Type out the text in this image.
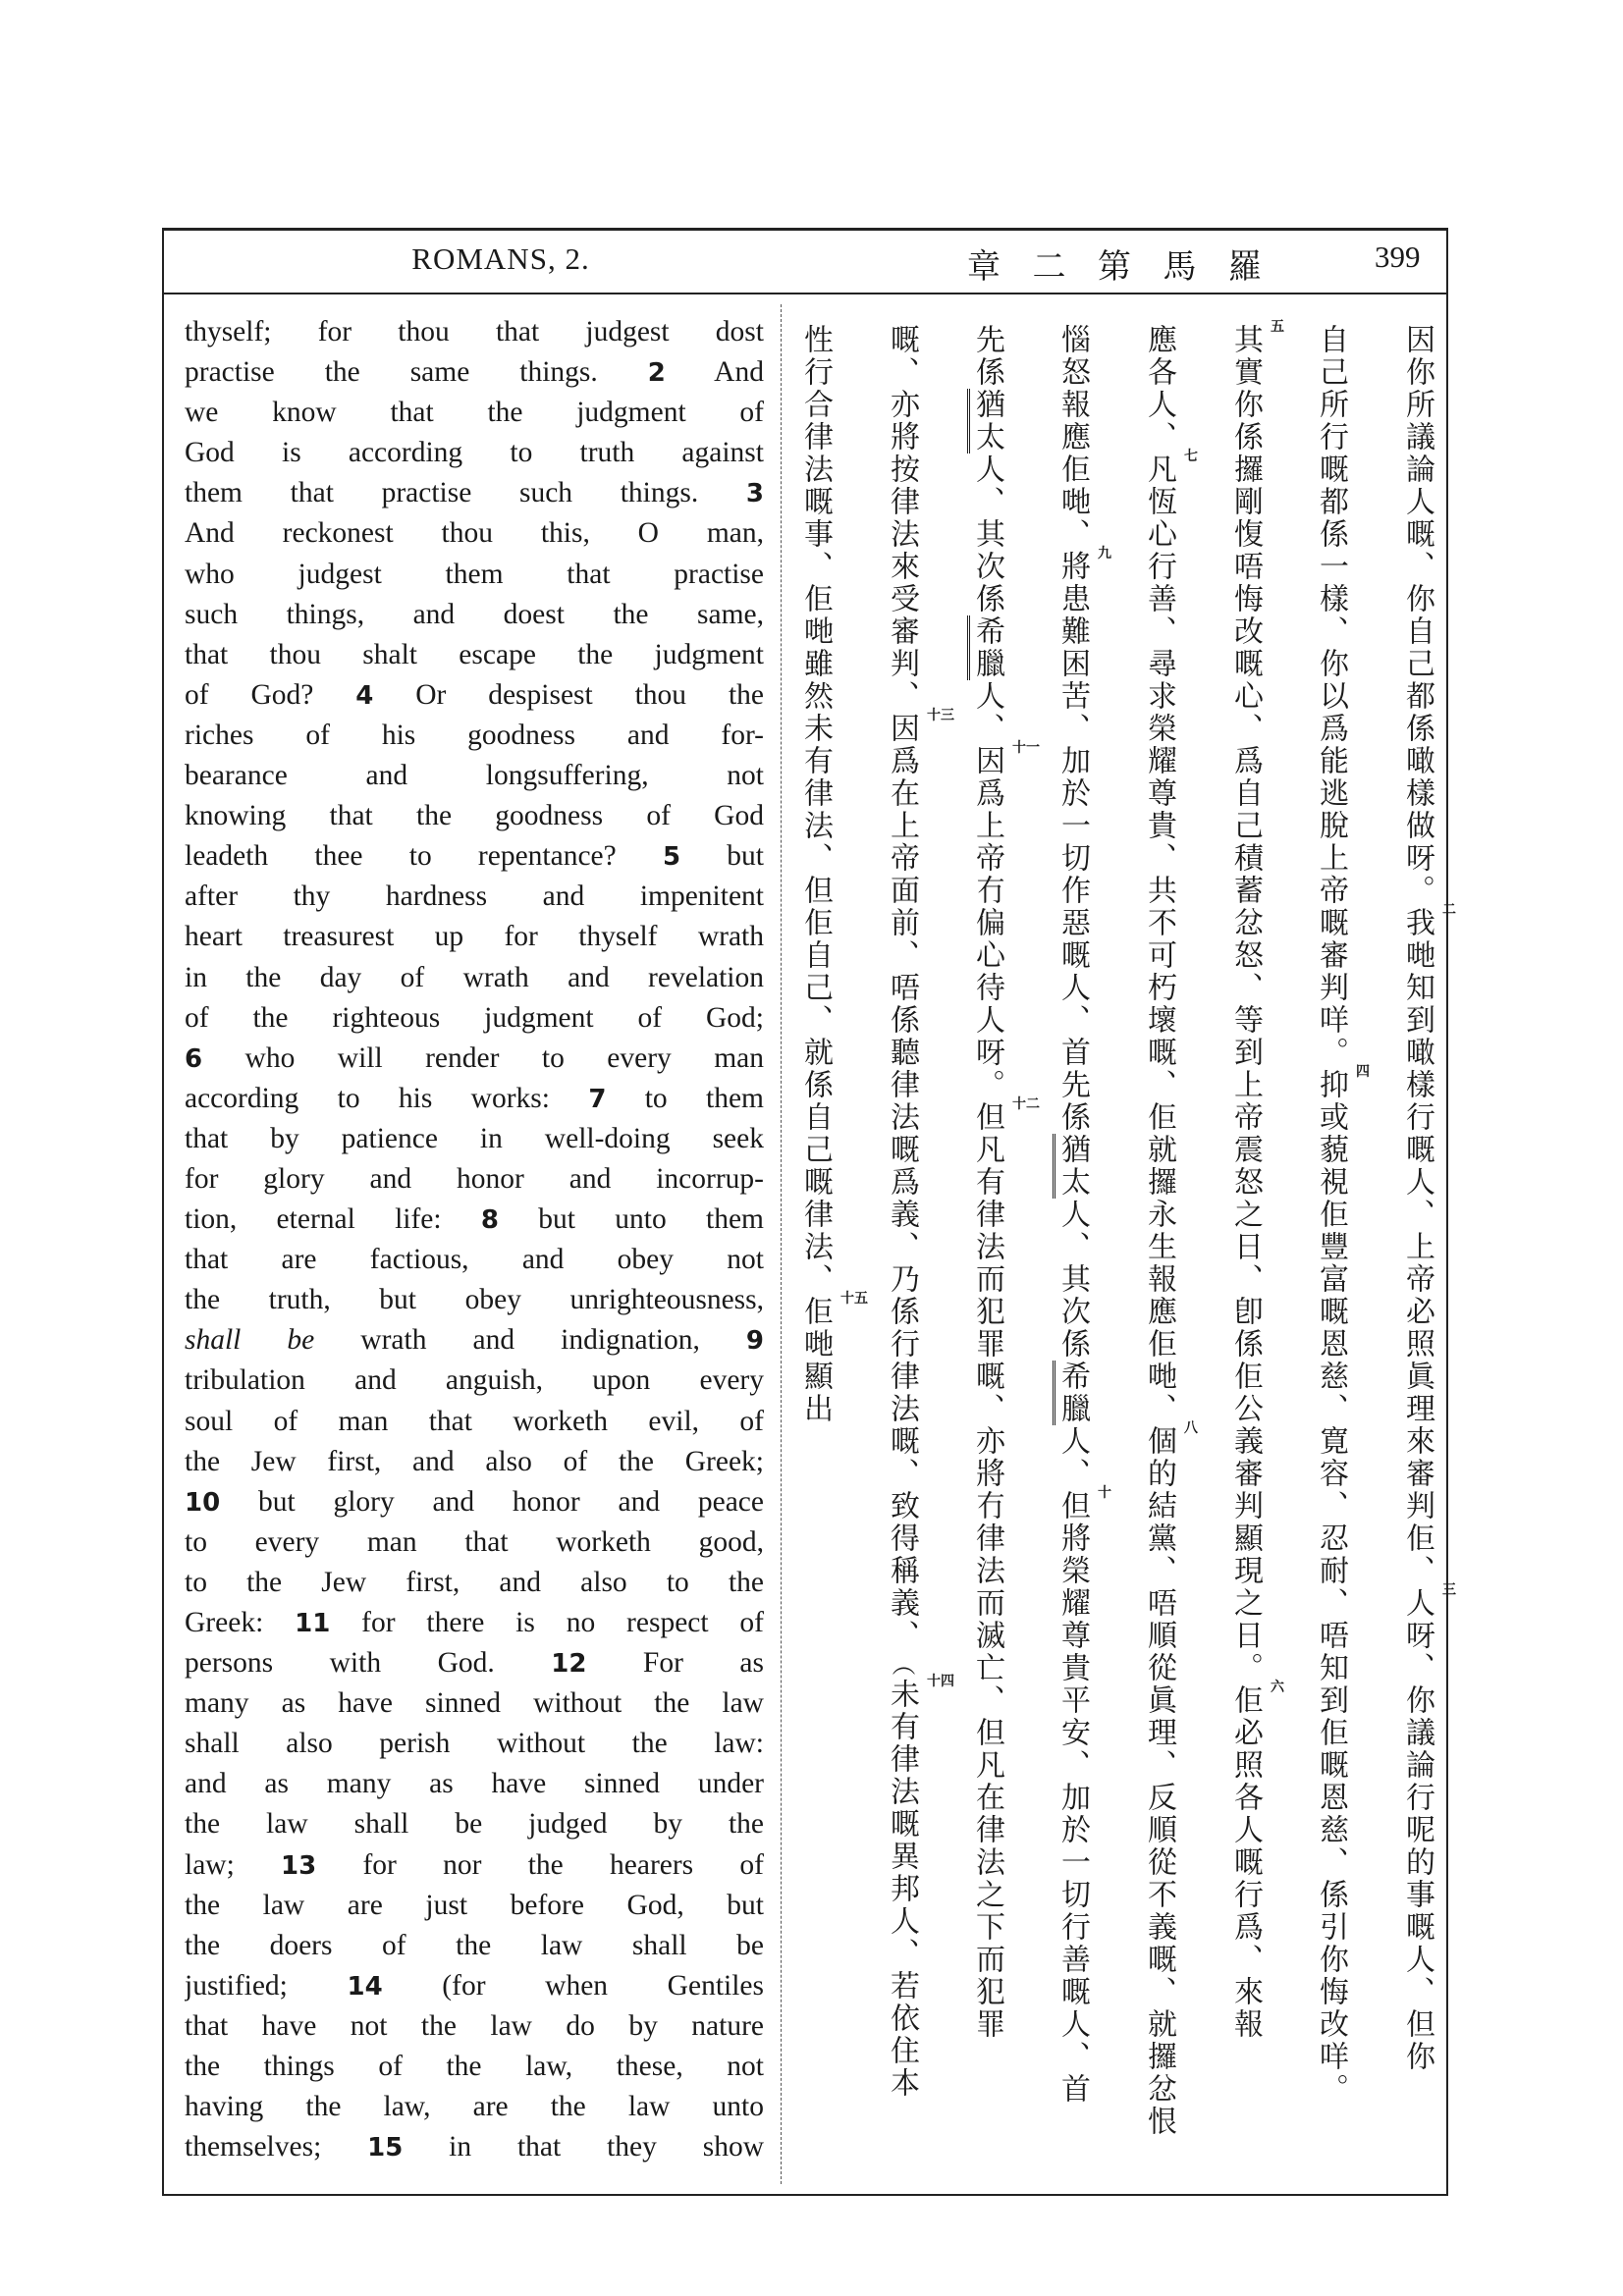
ROMANS, 2.	章 二 第 馬 羅	399
thyself; for thou that judgest dost
practise the same things. 2 And
we know that the judgment of
God is according to truth against
them that practise such things. 3
And reckonest thou this, O man,
who judgest them that practise
such things, and doest the same,
that thou shalt escape the judgment
of God? 4 Or despisest thou the
riches of his goodness and for-
bearance and longsuffering, not
knowing that the goodness of God
leadeth thee to repentance? 5 but
after thy hardness and impenitent
heart treasurest up for thyself wrath
in the day of wrath and revelation
of the righteous judgment of God;
6 who will render to every man
according to his works: 7 to them
that by patience in well-doing seek
for glory and honor and incorrup-
tion, eternal life: 8 but unto them
that are factious, and obey not
the truth, but obey unrighteousness,
shall be wrath and indignation, 9
tribulation and anguish, upon every
soul of man that worketh evil, of
the Jew first, and also of the Greek;
10 but glory and honor and peace
to every man that worketh good,
to the Jew first, and also to the
Greek: 11 for there is no respect of
persons with God. 12 For as
many as have sinned without the law
shall also perish without the law:
and as many as have sinned under
the law shall be judged by the
law; 13 for nor the hearers of
the law are just before God, but
the doers of the law shall be
justified; 14 (for when Gentiles
that have not the law do by nature
the things of the law, these, not
having the law, are the law unto
themselves; 15 in that they show
因你所議論人嘅、你自己都係噉樣做呀。
二
我哋知到噉樣行嘅人、上帝必照眞理來審判佢、
三
人呀、你議論行呢的事嘅人、但你
自己所行嘅都係一樣、你以爲能逃脫上帝嘅審判咩。
四
抑或藐視佢豐富嘅恩慈、寛容、忍耐、唔知到佢嘅恩慈、係引你悔改咩。
五
其實你係攞剛愎唔悔改嘅心、爲自己積蓄忿怒、等到上帝震怒之日、卽係佢公義審判顯現之日。
六
佢必照各人嘅行爲、來報
應各人、
七
凡恆心行善、尋求榮耀尊貴、共不可朽壞嘅、佢就攞永生報應佢哋、
八
個的結黨、唔順從眞理、反順從不義嘅、就攞忿恨
惱怒報應佢哋、
九
將患難困苦、加於一切作惡嘅人、首先係猶太人、其次係希臘人、
十
但將榮耀尊貴平安、加於一切行善嘅人、首
先係猶太人、其次係希臘人、
十一
因爲上帝冇偏心待人呀。
十二
但凡有律法而犯罪嘅、亦將冇律法而滅亡、但凡在律法之下而犯罪
嘅、亦將按律法來受審判、
十三
因爲在上帝面前、唔係聽律法嘅爲義、乃係行律法嘅、致得稱義、︵
十四
未有律法嘅異邦人、若依住本
性行合律法嘅事、佢哋雖然未有律法、但佢自己、就係自己嘅律法、
十五
佢哋顯出
